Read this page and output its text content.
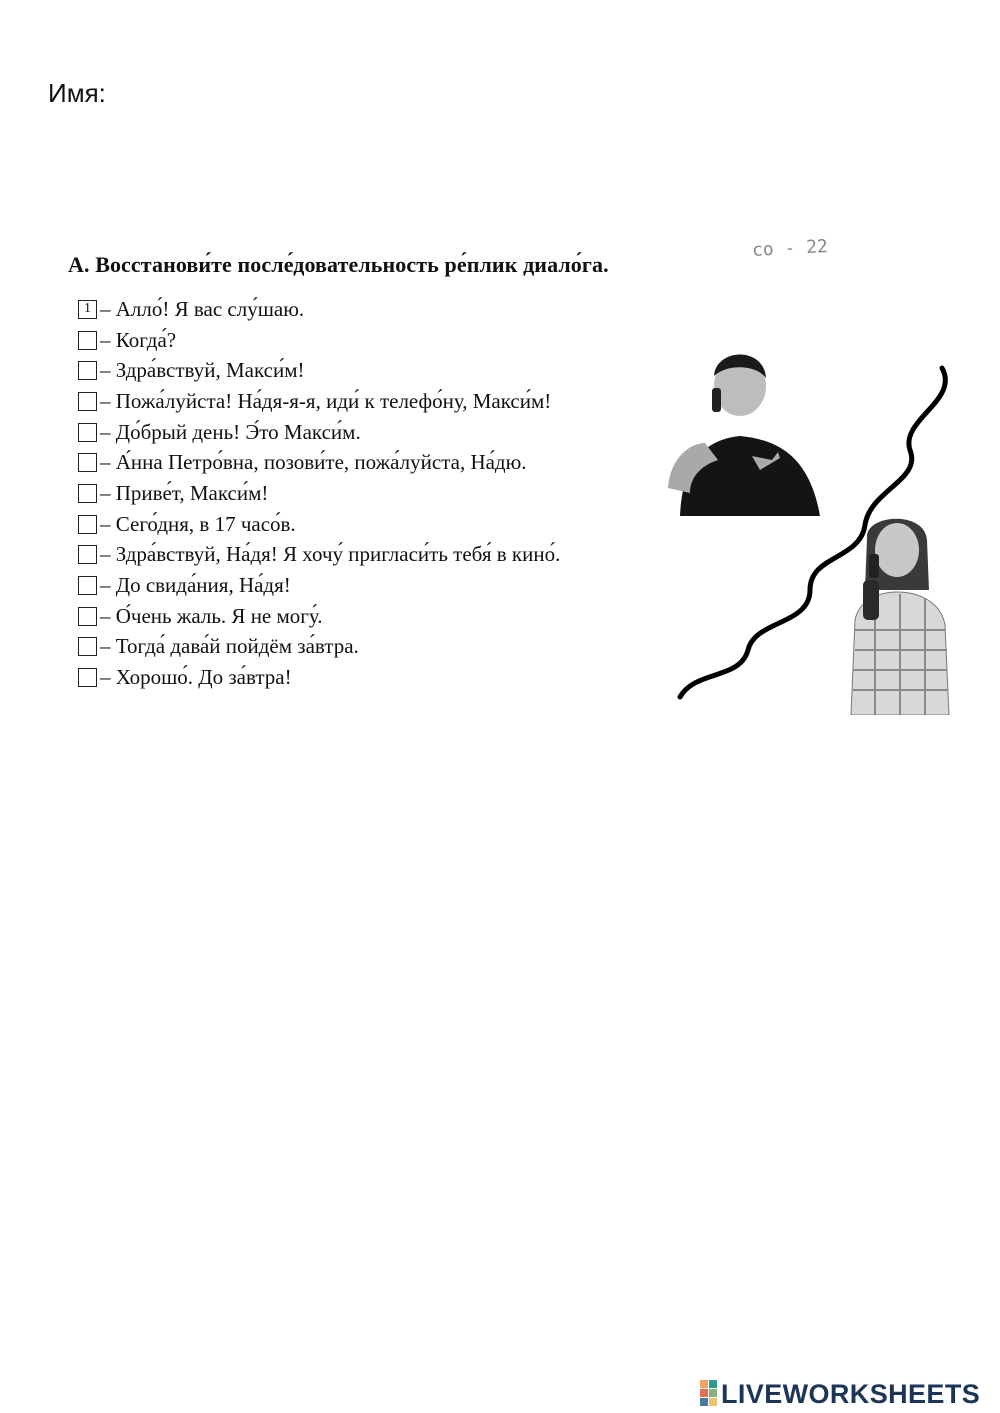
Имя:
А. Восстанови́те после́довательность ре́плик диало́га.
co - 22
1 – Алло́! Я вас слу́шаю.
– Когда́?
– Здра́вствуй, Макси́м!
– Пожа́луйста! На́дя-я-я, иди́ к телефо́ну, Макси́м!
– До́брый день! Э́то Макси́м.
– А́нна Петро́вна, позови́те, пожа́луйста, На́дю.
– Приве́т, Макси́м!
– Сего́дня, в 17 часо́в.
– Здра́вствуй, На́дя! Я хочу́ пригласи́ть тебя́ в кино́.
– До свида́ния, На́дя!
– О́чень жаль. Я не могу́.
– Тогда́ дава́й пойдём за́втра.
– Хорошо́. До за́втра!
LIVEWORKSHEETS
